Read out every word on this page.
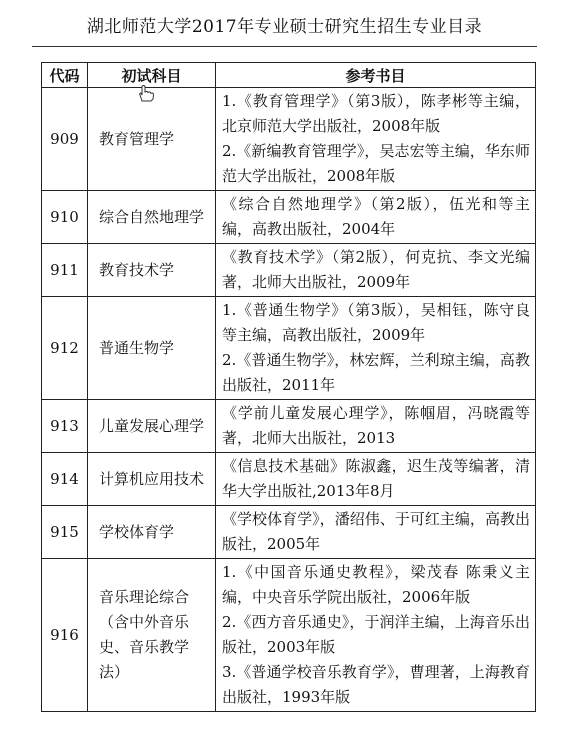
湖北师范大学2017年专业硕士研究生招生专业目录
代码	初试科目	参考书目
909	教育管理学	1.《教育管理学》（第3版），陈孝彬等主编，北京师范大学出版社，2008年版
2.《新编教育管理学》，吴志宏等主编，华东师范大学出版社，2008年版

910	综合自然地理学	《综合自然地理学》（第2版），伍光和等主编，高教出版社，2004年

911	教育技术学	《教育技术学》（第2版），何克抗、李文光编著，北师大出版社，2009年

912	普通生物学	1.《普通生物学》（第3版），吴相钰，陈守良等主编，高教出版社，2009年
2.《普通生物学》，林宏辉，兰利琼主编，高教出版社，2011年

913	儿童发展心理学	《学前儿童发展心理学》，陈帼眉，冯晓霞等著，北师大出版社，2013

914	计算机应用技术	《信息技术基础》陈淑鑫，迟生茂等编著，清华大学出版社,2013年8月

915	学校体育学	《学校体育学》，潘绍伟、于可红主编，高教出版社，2005年

916	音乐理论综合（含中外音乐史、音乐教学法）	1.《中国音乐通史教程》，梁茂春 陈秉义主编，中央音乐学院出版社，2006年版
2.《西方音乐通史》，于润洋主编，上海音乐出版社，2003年版
3.《普通学校音乐教育学》，曹理著，上海教育出版社，1993年版
